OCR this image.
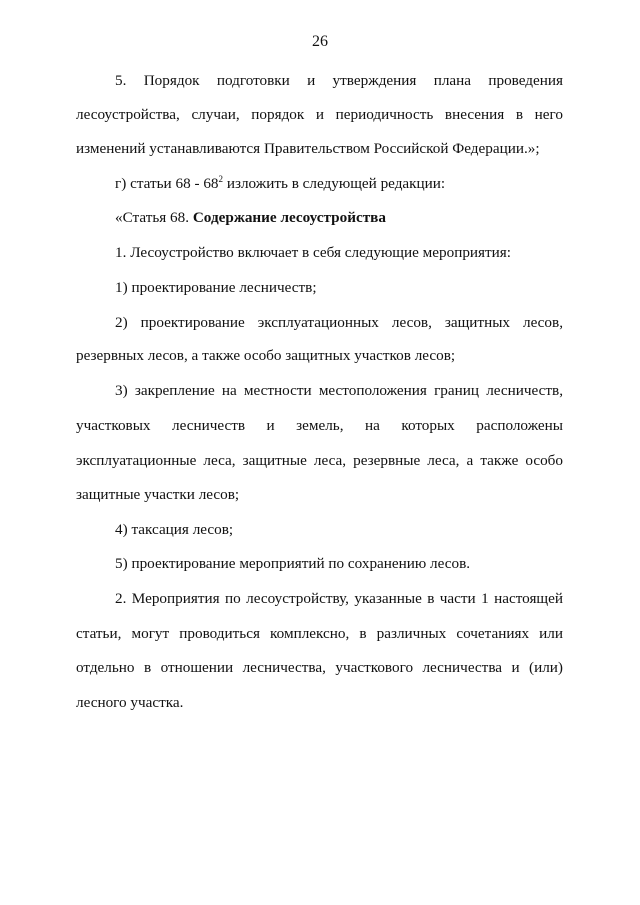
26
5. Порядок подготовки и утверждения плана проведения
лесоустройства, случаи, порядок и периодичность внесения в него
изменений устанавливаются Правительством Российской Федерации.»;
г) статьи $68 - 68^2$ изложить в следующей редакции:
«Статья 68. Содержание лесоустройства
1. Лесоустройство включает в себя следующие мероприятия:
1) проектирование лесничеств;
2) проектирование эксплуатационных лесов, защитных лесов,
резервных лесов, а также особо защитных участков лесов;
3) закрепление на местности местоположения границ лесничеств,
участковых лесничеств и земель, на которых расположены
эксплуатационные леса, защитные леса, резервные леса, а также особо
защитные участки лесов;
4) таксация лесов;
5) проектирование мероприятий по сохранению лесов.
2. Мероприятия по лесоустройству, указанные в части 1 настоящей
статьи, могут проводиться комплексно, в различных сочетаниях или
отдельно в отношении лесничества, участкового лесничества и (или)
лесного участка.
